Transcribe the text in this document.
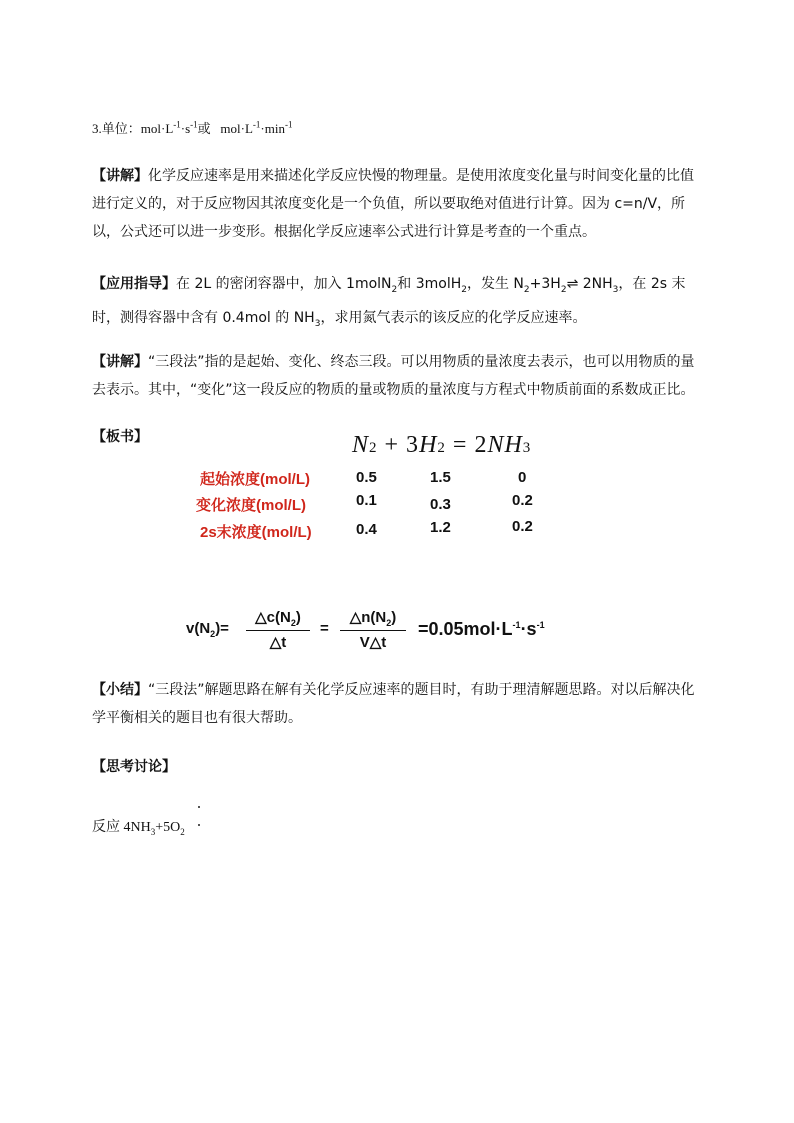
3.单位：$mol\cdot L^{-1}\cdot s^{-1}$或 $mol\cdot L^{-1}\cdot\min^{-1}$

【讲解】化学反应速率是用来描述化学反应快慢的物理量。是使用浓度变化量与时间变化量的比值进行定义的，对于反应物因其浓度变化是一个负值，所以要取绝对值进行计算。因为 c=n/V，所以，公式还可以进一步变形。根据化学反应速率公式进行计算是考查的一个重点。

【应用指导】在 2L 的密闭容器中，加入 1molN$_2$和 3molH$_2$，发生 $N_2+3H_2\rightleftharpoons$ $2NH_3$，在 2s 末时，测得容器中含有 0.4mol 的 $NH_3$，求用氮气表示的该反应的化学反应速率。

【讲解】“三段法”指的是起始、变化、终态三段。可以用物质的量浓度去表示，也可以用物质的量去表示。其中，“变化”这一段反应的物质的量或物质的量浓度与方程式中物质前面的系数成正比。

【板书】	N2 + 3H2 = 2NH3
起始浓度(mol/L)	0.5	1.5	0
变化浓度(mol/L)	0.1	0.3	0.2
2s末浓度(mol/L)	0.4	1.2	0.2
$v(N_2)=$
$\triangle c(N_2)$
△t
=
$\triangle n(N_2)$
V△t
$=0.05mol\cdot L^{-1}\cdot s^{-1}$

【小结】“三段法”解题思路在解有关化学反应速率的题目时，有助于理清解题思路。对以后解决化学平衡相关的题目也有很大帮助。

【思考讨论】
反应 $4NH_3+5O_2$
